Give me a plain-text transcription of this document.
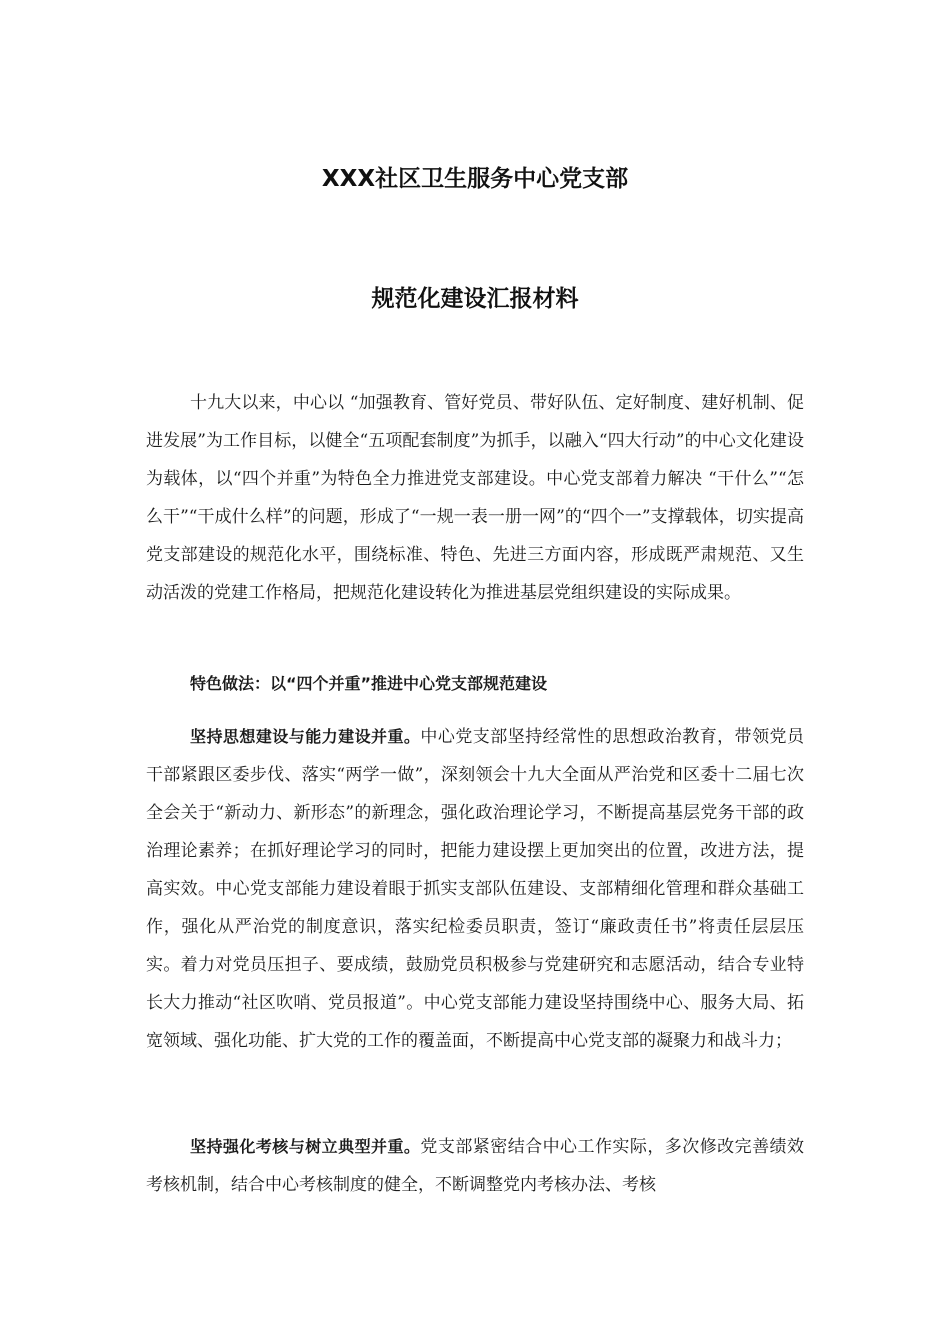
XXX社区卫生服务中心党支部
规范化建设汇报材料

十九大以来，中心以 “加强教育、管好党员、带好队伍、定好制度、建好机制、促进发展”为工作目标，以健全“五项配套制度”为抓手，以融入“四大行动”的中心文化建设为载体，以“四个并重”为特色全力推进党支部建设。中心党支部着力解决 “干什么”“怎么干”“干成什么样”的问题，形成了“一规一表一册一网”的“四个一”支撑载体，切实提高党支部建设的规范化水平，围绕标准、特色、先进三方面内容，形成既严肃规范、又生动活泼的党建工作格局，把规范化建设转化为推进基层党组织建设的实际成果。

特色做法：以“四个并重”推进中心党支部规范建设

坚持思想建设与能力建设并重。中心党支部坚持经常性的思想政治教育，带领党员干部紧跟区委步伐、落实“两学一做”，深刻领会十九大全面从严治党和区委十二届七次全会关于“新动力、新形态”的新理念，强化政治理论学习，不断提高基层党务干部的政治理论素养；在抓好理论学习的同时，把能力建设摆上更加突出的位置，改进方法，提高实效。中心党支部能力建设着眼于抓实支部队伍建设、支部精细化管理和群众基础工作，强化从严治党的制度意识，落实纪检委员职责，签订“廉政责任书”将责任层层压实。着力对党员压担子、要成绩，鼓励党员积极参与党建研究和志愿活动，结合专业特长大力推动“社区吹哨、党员报道”。中心党支部能力建设坚持围绕中心、服务大局、拓宽领域、强化功能、扩大党的工作的覆盖面，不断提高中心党支部的凝聚力和战斗力；

坚持强化考核与树立典型并重。党支部紧密结合中心工作实际，多次修改完善绩效考核机制，结合中心考核制度的健全，不断调整党内考核办法、考核
